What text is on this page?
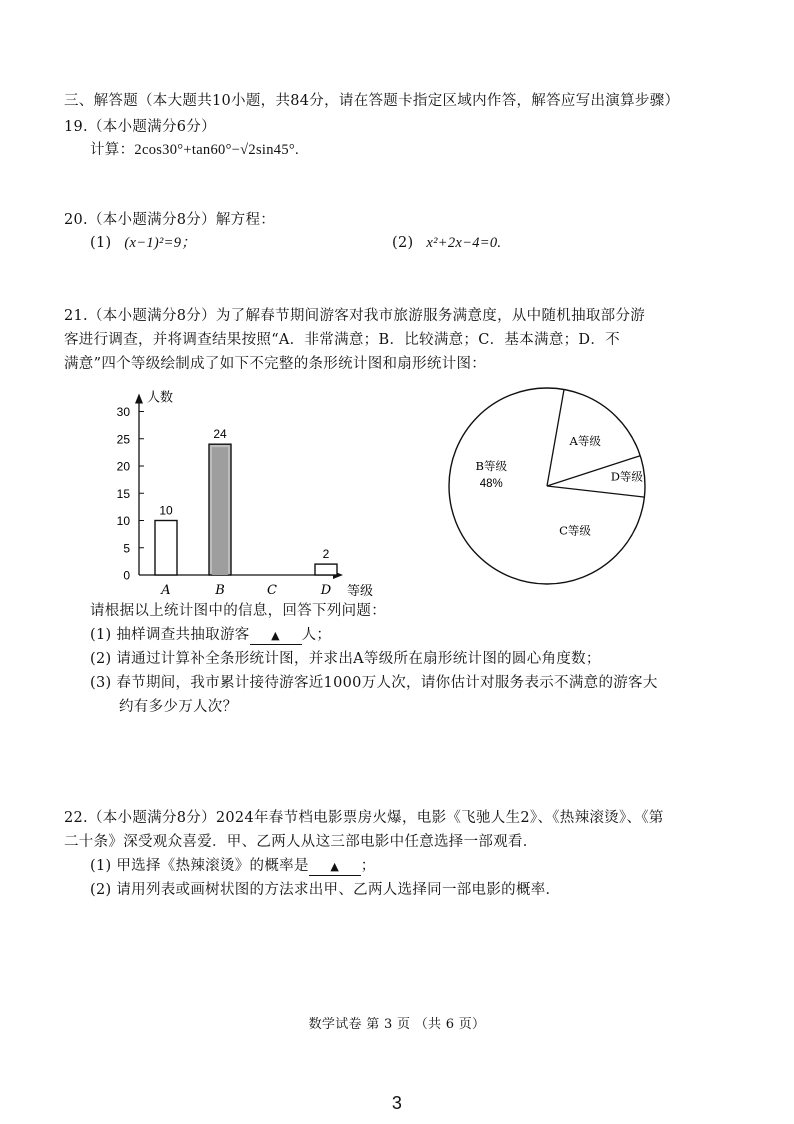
三、解答题（本大题共10小题，共84分，请在答题卡指定区域内作答，解答应写出演算步骤）
19.（本小题满分6分）
计算：2cos30°+tan60°−√2sin45°.
20.（本小题满分8分）解方程：
(1) (x−1)²=9；	(2) x²+2x−4=0.
21.（本小题满分8分）为了解春节期间游客对我市旅游服务满意度，从中随机抽取部分游
客进行调查，并将调查结果按照“A．非常满意；B．比较满意；C．基本满意；D．不
满意”四个等级绘制成了如下不完整的条形统计图和扇形统计图：
人数
等级
0
5
10
15
20
25
30
A
10
B
24
C	D
2
A等级
B等级
48%
D等级
C等级
请根据以上统计图中的信息，回答下列问题：
(1) 抽样调查共抽取游客 ▲ 人；
(2) 请通过计算补全条形统计图，并求出A等级所在扇形统计图的圆心角度数；
(3) 春节期间，我市累计接待游客近1000万人次，请你估计对服务表示不满意的游客大
约有多少万人次？
22.（本小题满分8分）2024年春节档电影票房火爆，电影《飞驰人生2》、《热辣滚烫》、《第
二十条》深受观众喜爱．甲、乙两人从这三部电影中任意选择一部观看．
(1) 甲选择《热辣滚烫》的概率是 ▲ ；
(2) 请用列表或画树状图的方法求出甲、乙两人选择同一部电影的概率．
数学试卷 第 3 页 （共 6 页）
3
